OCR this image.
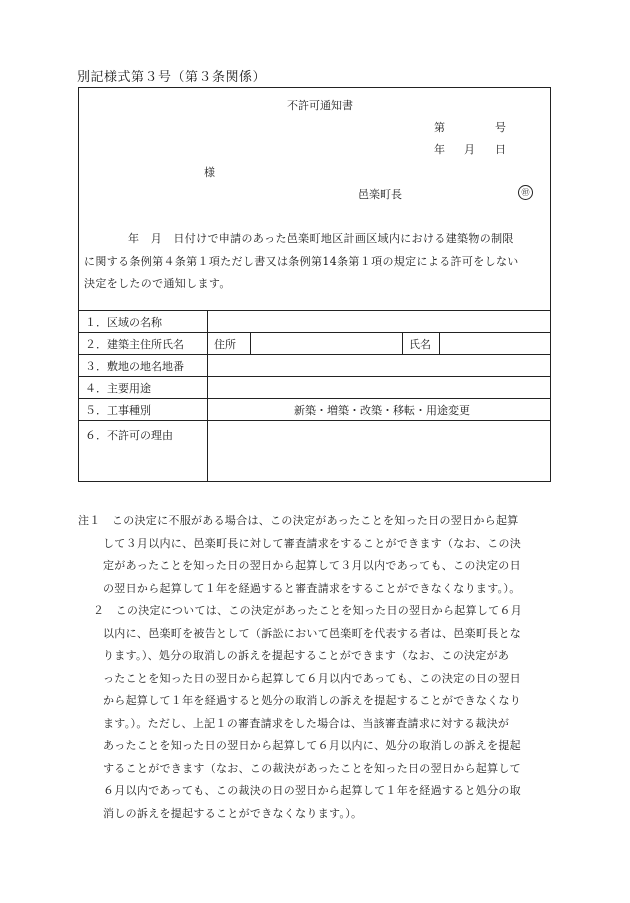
別記様式第３号（第３条関係）
不許可通知書
第	号
年 月 日
様
邑楽町長	㊞
年　月　日付けで申請のあった邑楽町地区計画区域内における建築物の制限
に関する条例第４条第１項ただし書又は条例第14条第１項の規定による許可をしない
決定をしたので通知します。
１．区域の名称				
２．建築主住所氏名	住所		氏名	
３．敷地の地名地番				
４．主要用途				
５．工事種別	新築・増築・改築・移転・用途変更			
６．不許可の理由				
注１　この決定に不服がある場合は、この決定があったことを知った日の翌日から起算
して３月以内に、邑楽町長に対して審査請求をすることができます（なお、この決
定があったことを知った日の翌日から起算して３月以内であっても、この決定の日
の翌日から起算して１年を経過すると審査請求をすることができなくなります。）。
２　この決定については、この決定があったことを知った日の翌日から起算して６月
以内に、邑楽町を被告として（訴訟において邑楽町を代表する者は、邑楽町長とな
ります。）、処分の取消しの訴えを提起することができます（なお、この決定があ
ったことを知った日の翌日から起算して６月以内であっても、この決定の日の翌日
から起算して１年を経過すると処分の取消しの訴えを提起することができなくなり
ます。）。ただし、上記１の審査請求をした場合は、当該審査請求に対する裁決が
あったことを知った日の翌日から起算して６月以内に、処分の取消しの訴えを提起
することができます（なお、この裁決があったことを知った日の翌日から起算して
６月以内であっても、この裁決の日の翌日から起算して１年を経過すると処分の取
消しの訴えを提起することができなくなります。）。
